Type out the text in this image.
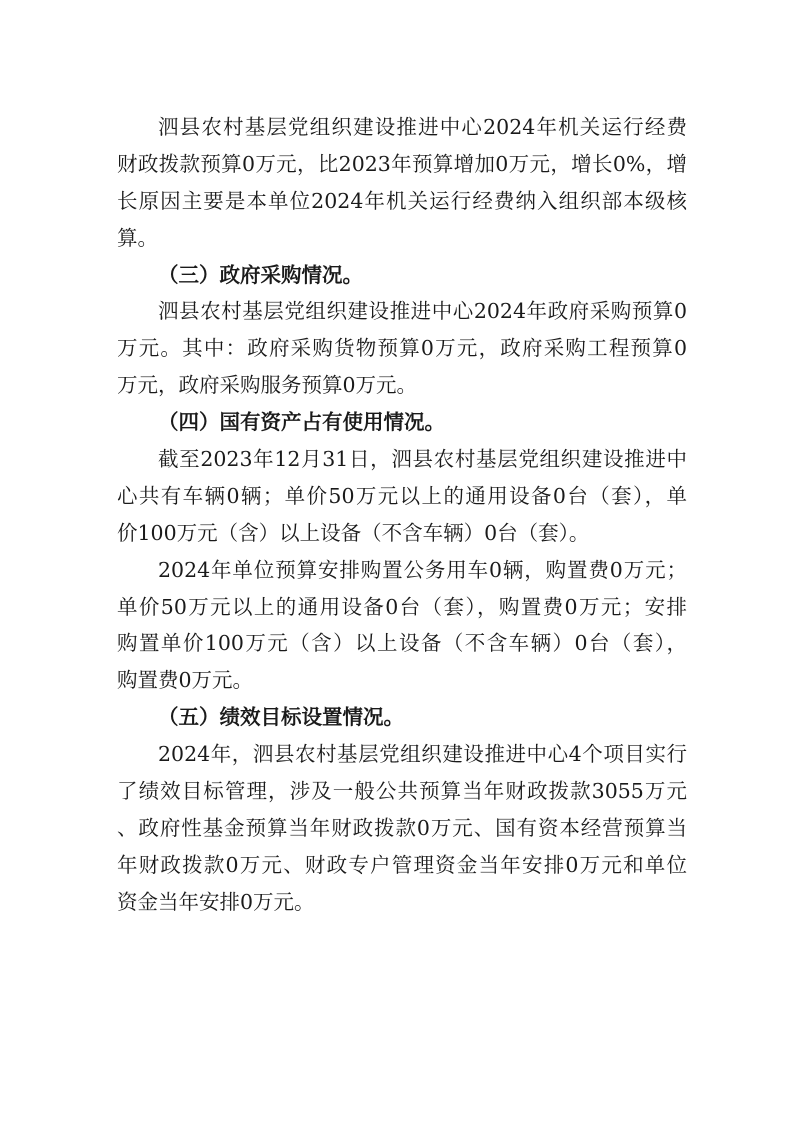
泗县农村基层党组织建设推进中心2024年机关运行经费
财政拨款预算0万元，比2023年预算增加0万元，增长0%，增
长原因主要是本单位2024年机关运行经费纳入组织部本级核
算。
（三）政府采购情况。
泗县农村基层党组织建设推进中心2024年政府采购预算0
万元。其中：政府采购货物预算0万元，政府采购工程预算0
万元，政府采购服务预算0万元。
（四）国有资产占有使用情况。
截至2023年12月31日，泗县农村基层党组织建设推进中
心共有车辆0辆；单价50万元以上的通用设备0台（套），单
价100万元（含）以上设备（不含车辆）0台（套）。
2024年单位预算安排购置公务用车0辆，购置费0万元；
单价50万元以上的通用设备0台（套），购置费0万元；安排
购置单价100万元（含）以上设备（不含车辆）0台（套），
购置费0万元。
（五）绩效目标设置情况。
2024年，泗县农村基层党组织建设推进中心4个项目实行
了绩效目标管理，涉及一般公共预算当年财政拨款3055万元
、政府性基金预算当年财政拨款0万元、国有资本经营预算当
年财政拨款0万元、财政专户管理资金当年安排0万元和单位
资金当年安排0万元。
